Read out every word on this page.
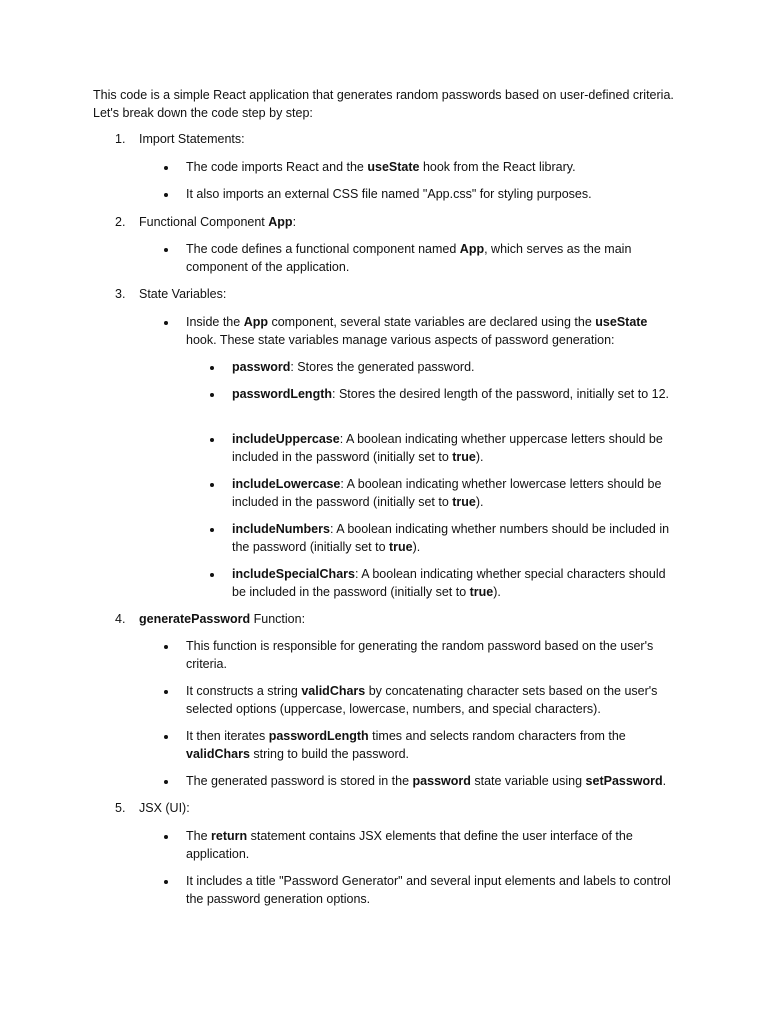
This code is a simple React application that generates random passwords based on user-defined criteria. Let's break down the code step by step:

1. Import Statements:
The code imports React and the useState hook from the React library.
It also imports an external CSS file named "App.css" for styling purposes.
2. Functional Component App:
The code defines a functional component named App, which serves as the main component of the application.
3. State Variables:
Inside the App component, several state variables are declared using the useState hook. These state variables manage various aspects of password generation:
password: Stores the generated password.
passwordLength: Stores the desired length of the password, initially set to 12.
includeUppercase: A boolean indicating whether uppercase letters should be included in the password (initially set to true).
includeLowercase: A boolean indicating whether lowercase letters should be included in the password (initially set to true).
includeNumbers: A boolean indicating whether numbers should be included in the password (initially set to true).
includeSpecialChars: A boolean indicating whether special characters should be included in the password (initially set to true).
4. generatePassword Function:
This function is responsible for generating the random password based on the user's criteria.
It constructs a string validChars by concatenating character sets based on the user's selected options (uppercase, lowercase, numbers, and special characters).
It then iterates passwordLength times and selects random characters from the validChars string to build the password.
The generated password is stored in the password state variable using setPassword.
5. JSX (UI):
The return statement contains JSX elements that define the user interface of the application.
It includes a title "Password Generator" and several input elements and labels to control the password generation options.
